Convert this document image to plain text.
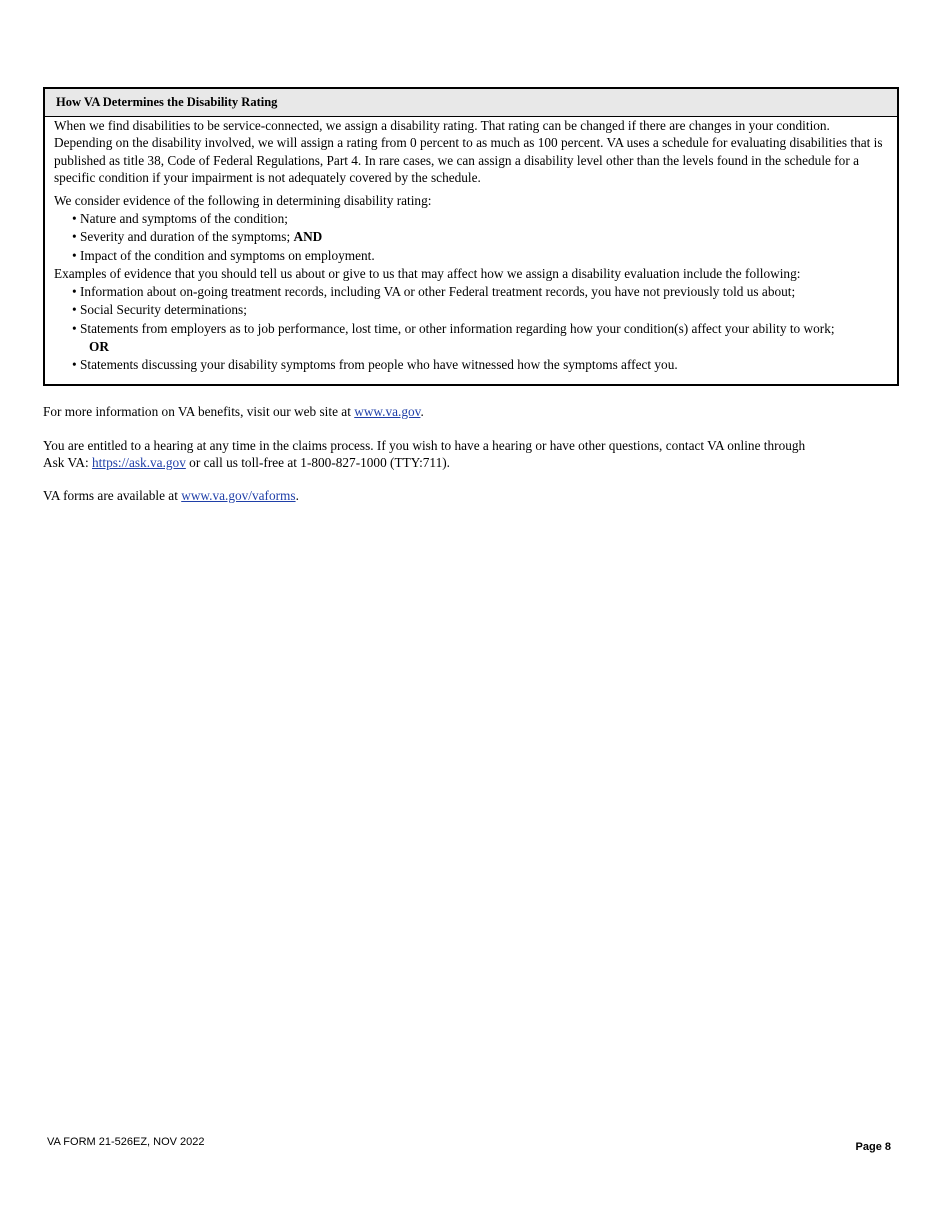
How VA Determines the Disability Rating

When we find disabilities to be service-connected, we assign a disability rating. That rating can be changed if there are changes in your condition. Depending on the disability involved, we will assign a rating from 0 percent to as much as 100 percent. VA uses a schedule for evaluating disabilities that is published as title 38, Code of Federal Regulations, Part 4. In rare cases, we can assign a disability level other than the levels found in the schedule for a specific condition if your impairment is not adequately covered by the schedule.

We consider evidence of the following in determining disability rating:

• Nature and symptoms of the condition;
• Severity and duration of the symptoms; AND
• Impact of the condition and symptoms on employment.

Examples of evidence that you should tell us about or give to us that may affect how we assign a disability evaluation include the following:

• Information about on-going treatment records, including VA or other Federal treatment records, you have not previously told us about;
• Social Security determinations;
• Statements from employers as to job performance, lost time, or other information regarding how your condition(s) affect your ability to work;
OR
• Statements discussing your disability symptoms from people who have witnessed how the symptoms affect you.

For more information on VA benefits, visit our web site at www.va.gov.

You are entitled to a hearing at any time in the claims process. If you wish to have a hearing or have other questions, contact VA online through
Ask VA: https://ask.va.gov or call us toll-free at 1-800-827-1000 (TTY:711).

VA forms are available at www.va.gov/vaforms.

VA FORM 21-526EZ, NOV 2022	Page 8
